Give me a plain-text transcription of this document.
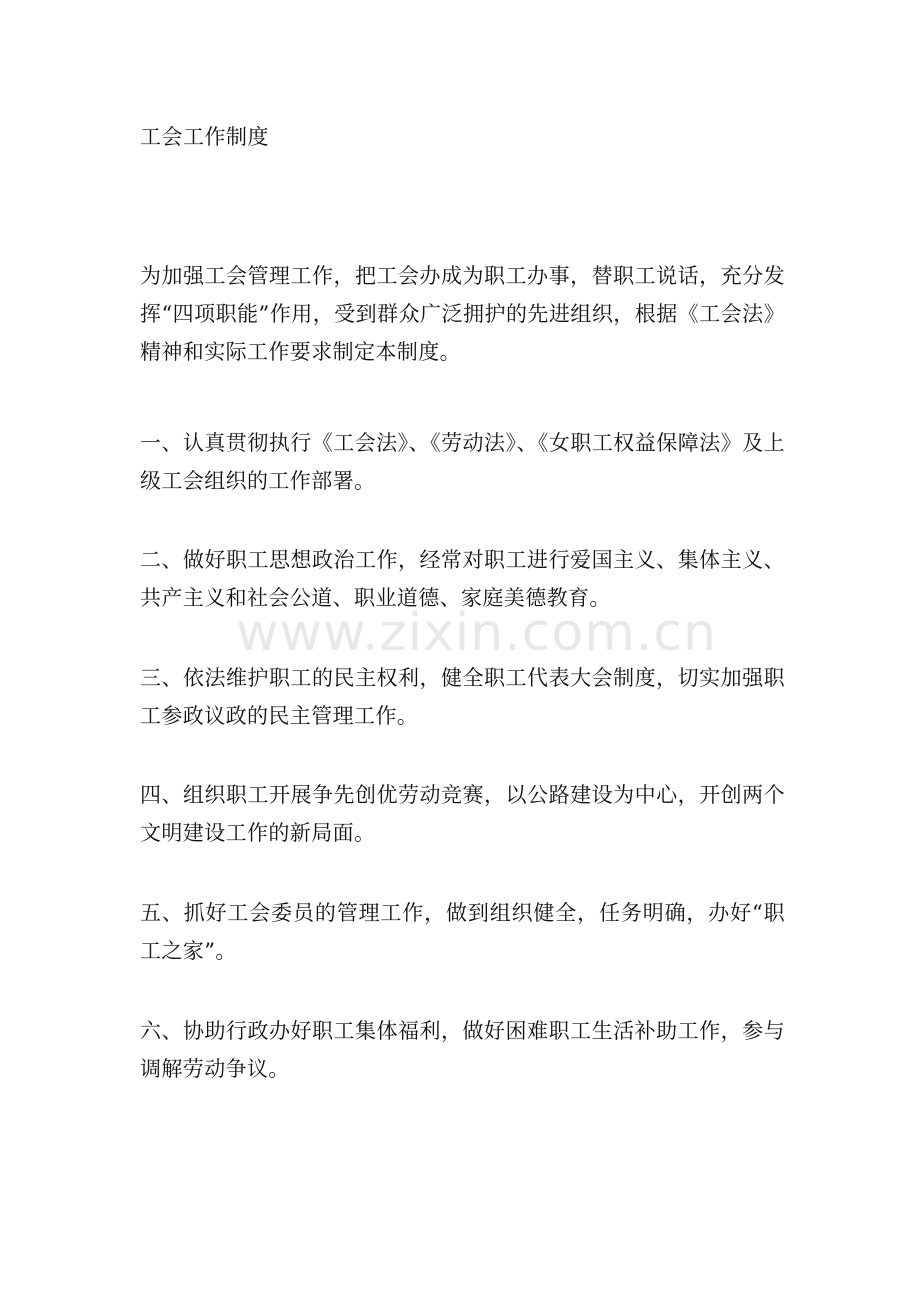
工会工作制度

为加强工会管理工作，把工会办成为职工办事，替职工说话，充分发挥“四项职能”作用，受到群众广泛拥护的先进组织，根据《工会法》精神和实际工作要求制定本制度。

一、认真贯彻执行《工会法》、《劳动法》、《女职工权益保障法》及上级工会组织的工作部署。

二、做好职工思想政治工作，经常对职工进行爱国主义、集体主义、共产主义和社会公道、职业道德、家庭美德教育。

三、依法维护职工的民主权利，健全职工代表大会制度，切实加强职工参政议政的民主管理工作。

四、组织职工开展争先创优劳动竞赛，以公路建设为中心，开创两个文明建设工作的新局面。

五、抓好工会委员的管理工作，做到组织健全，任务明确，办好“职工之家”。

六、协助行政办好职工集体福利，做好困难职工生活补助工作，参与调解劳动争议。

www.zixin.com.cn
